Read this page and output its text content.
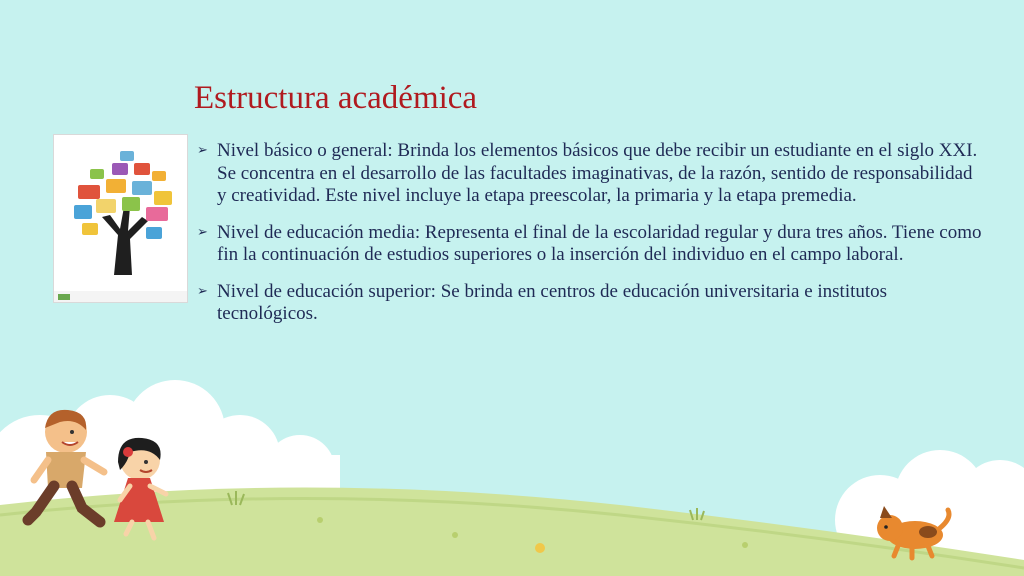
Estructura académica
➢ Nivel básico o general: Brinda los elementos básicos que debe recibir un estudiante en el siglo XXI. Se concentra en el desarrollo de las facultades imaginativas, de la razón, sentido de responsabilidad y creatividad. Este nivel incluye la etapa preescolar, la primaria y la etapa premedia.
➢ Nivel de educación media: Representa el final de la escolaridad regular y dura tres años. Tiene como fin la continuación de estudios superiores o la inserción del individuo en el campo laboral.
➢ Nivel de educación superior: Se brinda en centros de educación universitaria e institutos tecnológicos.
